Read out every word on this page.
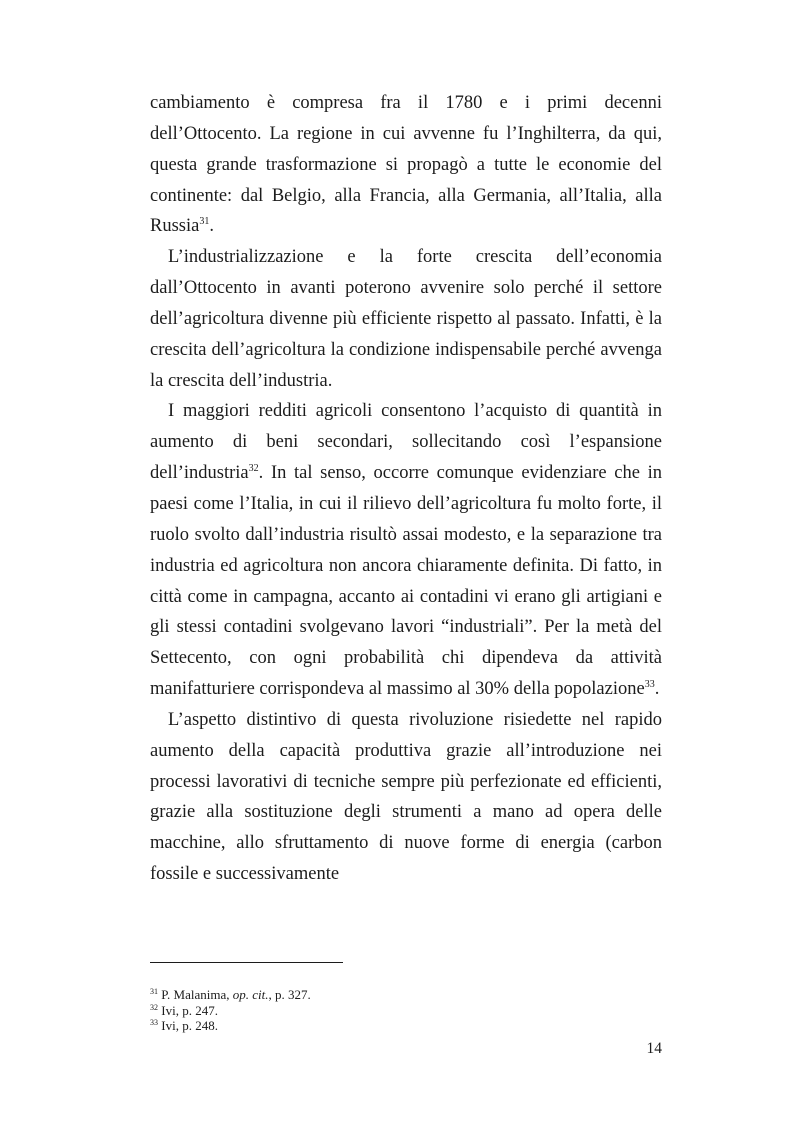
cambiamento è compresa fra il 1780 e i primi decenni dell’Ottocento. La regione in cui avvenne fu l’Inghilterra, da qui, questa grande trasformazione si propagò a tutte le economie del continente: dal Belgio, alla Francia, alla Germania, all’Italia, alla Russia$^{31}$.

L’industrializzazione e la forte crescita dell’economia dall’Ottocento in avanti poterono avvenire solo perché il settore dell’agricoltura divenne più efficiente rispetto al passato. Infatti, è la crescita dell’agricoltura la condizione indispensabile perché avvenga la crescita dell’industria.

I maggiori redditi agricoli consentono l’acquisto di quantità in aumento di beni secondari, sollecitando così l’espansione dell’industria$^{32}$. In tal senso, occorre comunque evidenziare che in paesi come l’Italia, in cui il rilievo dell’agricoltura fu molto forte, il ruolo svolto dall’industria risultò assai modesto, e la separazione tra industria ed agricoltura non ancora chiaramente definita. Di fatto, in città come in campagna, accanto ai contadini vi erano gli artigiani e gli stessi contadini svolgevano lavori “industriali”. Per la metà del Settecento, con ogni probabilità chi dipendeva da attività manifatturiere corrispondeva al massimo al 30% della popolazione$^{33}$.

L’aspetto distintivo di questa rivoluzione risiedette nel rapido aumento della capacità produttiva grazie all’introduzione nei processi lavorativi di tecniche sempre più perfezionate ed efficienti, grazie alla sostituzione degli strumenti a mano ad opera delle macchine, allo sfruttamento di nuove forme di energia (carbon fossile e successivamente

$^{31}$ P. Malanima, op. cit., p. 327.
$^{32}$ Ivi, p. 247.
$^{33}$ Ivi, p. 248.
14
